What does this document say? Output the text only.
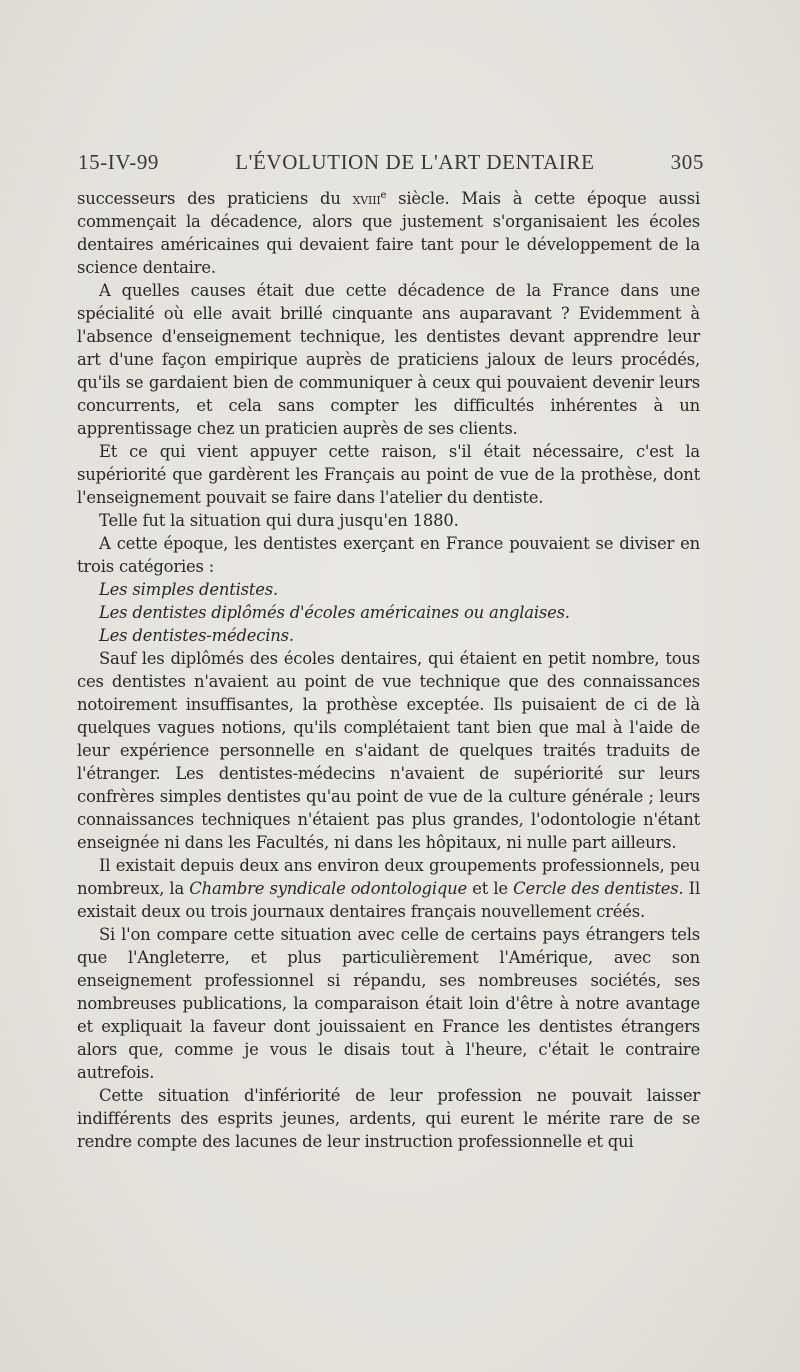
15-IV-99	L'ÉVOLUTION DE L'ART DENTAIRE	305

successeurs des praticiens du xviii$^e$ siècle. Mais à cette époque aussi commençait la décadence, alors que justement s'organisaient les écoles dentaires américaines qui devaient faire tant pour le développement de la science dentaire.

A quelles causes était due cette décadence de la France dans une spécialité où elle avait brillé cinquante ans auparavant ? Evidemment à l'absence d'enseignement technique, les dentistes devant apprendre leur art d'une façon empirique auprès de praticiens jaloux de leurs procédés, qu'ils se gardaient bien de communiquer à ceux qui pouvaient devenir leurs concurrents, et cela sans compter les difficultés inhérentes à un apprentissage chez un praticien auprès de ses clients.

Et ce qui vient appuyer cette raison, s'il était nécessaire, c'est la supériorité que gardèrent les Français au point de vue de la prothèse, dont l'enseignement pouvait se faire dans l'atelier du dentiste.

Telle fut la situation qui dura jusqu'en 1880.

A cette époque, les dentistes exerçant en France pouvaient se diviser en trois catégories :

Les simples dentistes.

Les dentistes diplômés d'écoles américaines ou anglaises.

Les dentistes-médecins.

Sauf les diplômés des écoles dentaires, qui étaient en petit nombre, tous ces dentistes n'avaient au point de vue technique que des connaissances notoirement insuffisantes, la prothèse exceptée. Ils puisaient de ci de là quelques vagues notions, qu'ils complétaient tant bien que mal à l'aide de leur expérience personnelle en s'aidant de quelques traités traduits de l'étranger. Les dentistes-médecins n'avaient de supériorité sur leurs confrères simples dentistes qu'au point de vue de la culture générale ; leurs connaissances techniques n'étaient pas plus grandes, l'odontologie n'étant enseignée ni dans les Facultés, ni dans les hôpitaux, ni nulle part ailleurs.

Il existait depuis deux ans environ deux groupements professionnels, peu nombreux, la Chambre syndicale odontologique et le Cercle des dentistes. Il existait deux ou trois journaux dentaires français nouvellement créés.

Si l'on compare cette situation avec celle de certains pays étrangers tels que l'Angleterre, et plus particulièrement l'Amérique, avec son enseignement professionnel si répandu, ses nombreuses sociétés, ses nombreuses publications, la comparaison était loin d'être à notre avantage et expliquait la faveur dont jouissaient en France les dentistes étrangers alors que, comme je vous le disais tout à l'heure, c'était le contraire autrefois.

Cette situation d'infériorité de leur profession ne pouvait laisser indifférents des esprits jeunes, ardents, qui eurent le mérite rare de se rendre compte des lacunes de leur instruction professionnelle et qui
